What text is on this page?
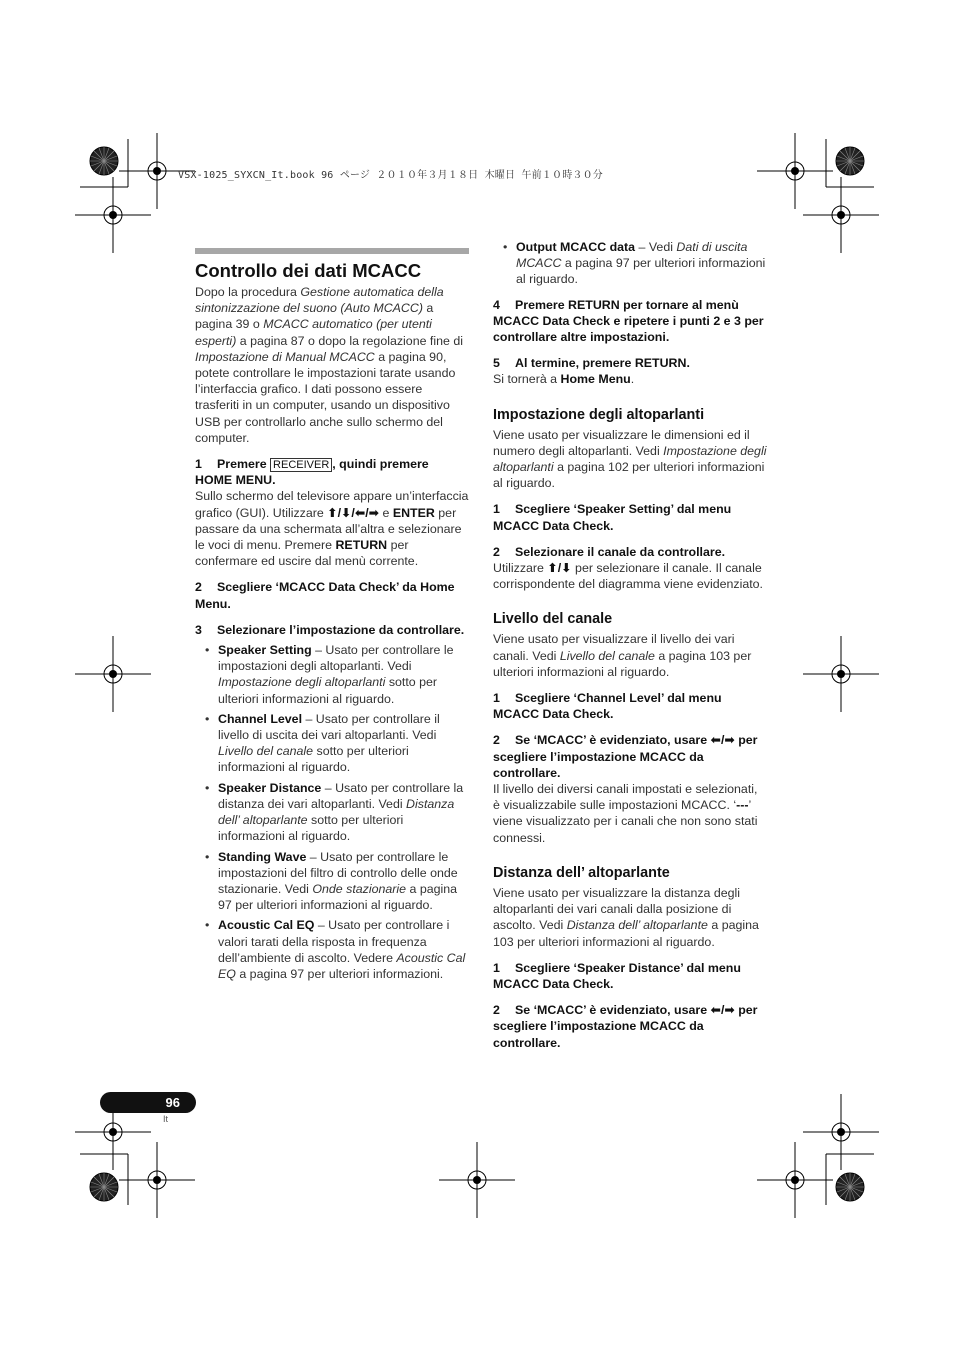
VSX-1025_SYXCN_It.book 96 ページ ２０１０年３月１８日 木曜日 午前１０時３０分
Controllo dei dati MCACC

Dopo la procedura Gestione automatica della sintonizzazione del suono (Auto MCACC) a pagina 39 o MCACC automatico (per utenti esperti) a pagina 87 o dopo la regolazione fine di Impostazione di Manual MCACC a pagina 90, potete controllare le impostazioni tarate usando l’interfaccia grafico. I dati possono essere trasferiti in un computer, usando un dispositivo USB per controllarlo anche sullo schermo del computer.

1 Premere RECEIVER , quindi premere HOME MENU.

Sullo schermo del televisore appare un’interfaccia grafico (GUI). Utilizzare ⬆/⬇/⬅/➡ e ENTER per passare da una schermata all’altra e selezionare le voci di menu. Premere RETURN per confermare ed uscire dal menù corrente.

2 Scegliere ‘MCACC Data Check’ da Home Menu.

3 Selezionare l’impostazione da controllare.

• Speaker Setting – Usato per controllare le impostazioni degli altoparlanti. Vedi Impostazione degli altoparlanti sotto per ulteriori informazioni al riguardo.
• Channel Level – Usato per controllare il livello di uscita dei vari altoparlanti. Vedi Livello del canale sotto per ulteriori informazioni al riguardo.
• Speaker Distance – Usato per controllare la distanza dei vari altoparlanti. Vedi Distanza dell’ altoparlante sotto per ulteriori informazioni al riguardo.
• Standing Wave – Usato per controllare le impostazioni del filtro di controllo delle onde stazionarie. Vedi Onde stazionarie a pagina 97 per ulteriori informazioni al riguardo.
• Acoustic Cal EQ – Usato per controllare i valori tarati della risposta in frequenza dell’ambiente di ascolto. Vedere Acoustic Cal EQ a pagina 97 per ulteriori informazioni.
• Output MCACC data – Vedi Dati di uscita MCACC a pagina 97 per ulteriori informazioni al riguardo.

4 Premere RETURN per tornare al menù MCACC Data Check e ripetere i punti 2 e 3 per controllare altre impostazioni.

5 Al termine, premere RETURN.

Si tornerà a Home Menu.

Impostazione degli altoparlanti

Viene usato per visualizzare le dimensioni ed il numero degli altoparlanti. Vedi Impostazione degli altoparlanti a pagina 102 per ulteriori informazioni al riguardo.

1 Scegliere ‘Speaker Setting’ dal menu MCACC Data Check.

2 Selezionare il canale da controllare.

Utilizzare ⬆/⬇ per selezionare il canale. Il canale corrispondente del diagramma viene evidenziato.

Livello del canale

Viene usato per visualizzare il livello dei vari canali. Vedi Livello del canale a pagina 103 per ulteriori informazioni al riguardo.

1 Scegliere ‘Channel Level’ dal menu MCACC Data Check.

2 Se ‘MCACC’ è evidenziato, usare ⬅/➡ per scegliere l’impostazione MCACC da controllare.

Il livello dei diversi canali impostati e selezionati, è visualizzabile sulle impostazioni MCACC. ‘---’ viene visualizzato per i canali che non sono stati connessi.

Distanza dell’ altoparlante

Viene usato per visualizzare la distanza degli altoparlanti dei vari canali dalla posizione di ascolto. Vedi Distanza dell’ altoparlante a pagina 103 per ulteriori informazioni al riguardo.

1 Scegliere ‘Speaker Distance’ dal menu MCACC Data Check.

2 Se ‘MCACC’ è evidenziato, usare ⬅/➡ per scegliere l’impostazione MCACC da controllare.

96
It
